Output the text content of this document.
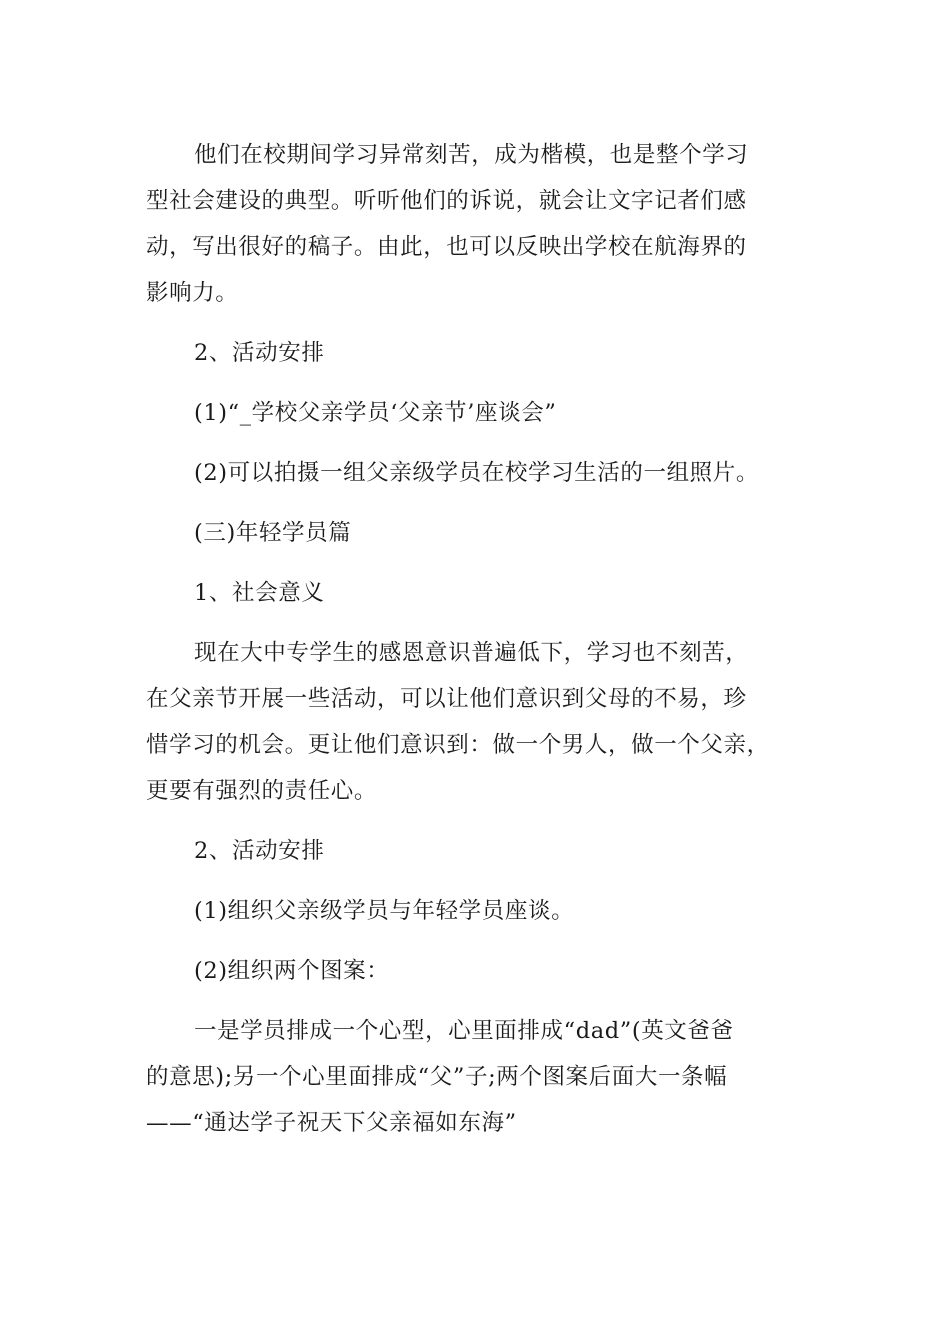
他们在校期间学习异常刻苦，成为楷模，也是整个学习
型社会建设的典型。听听他们的诉说，就会让文字记者们感
动，写出很好的稿子。由此，也可以反映出学校在航海界的
影响力。

2、活动安排

(1)“_学校父亲学员‘父亲节’座谈会”

(2)可以拍摄一组父亲级学员在校学习生活的一组照片。

(三)年轻学员篇

1、社会意义

现在大中专学生的感恩意识普遍低下，学习也不刻苦，
在父亲节开展一些活动，可以让他们意识到父母的不易，珍
惜学习的机会。更让他们意识到：做一个男人，做一个父亲，
更要有强烈的责任心。

2、活动安排

(1)组织父亲级学员与年轻学员座谈。

(2)组织两个图案：

一是学员排成一个心型，心里面排成“dad”(英文爸爸
的意思);另一个心里面排成“父”子;两个图案后面大一条幅
——“通达学子祝天下父亲福如东海”
